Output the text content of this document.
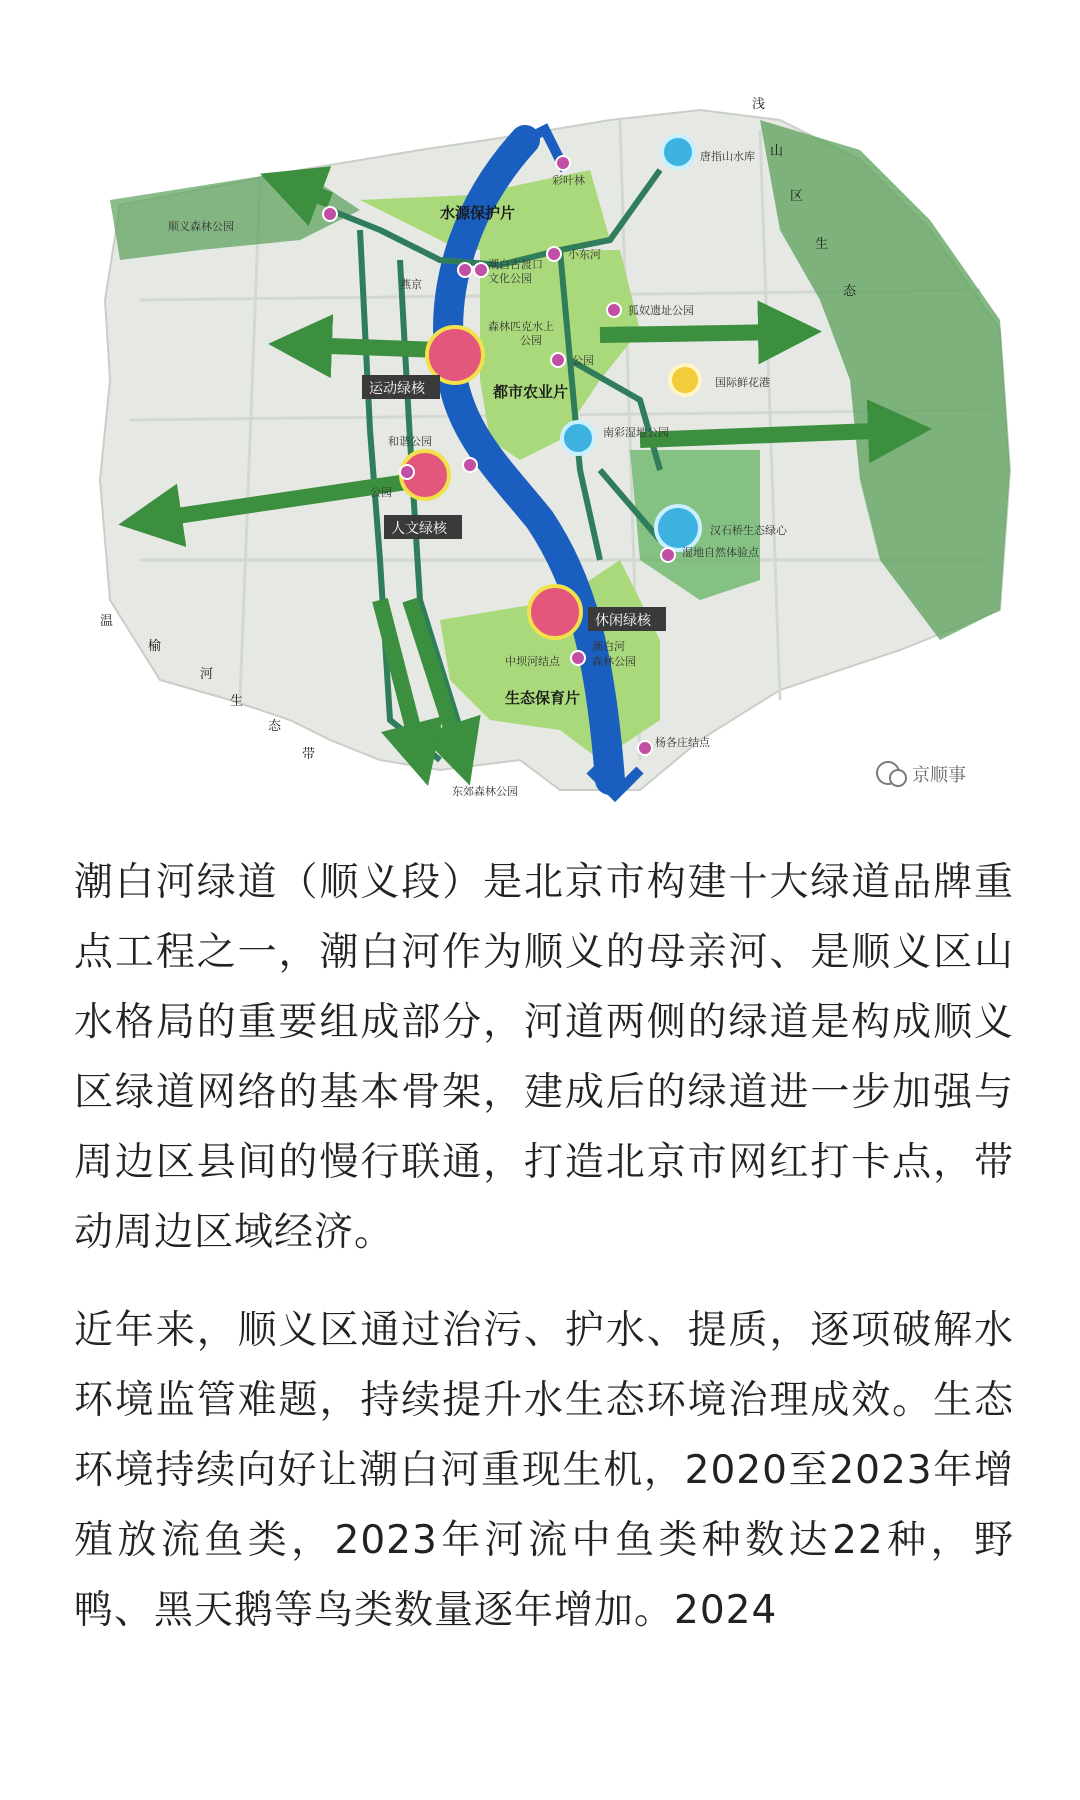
水源保护片
都市农业片
生态保育片
运动绿核
人文绿核
休闲绿核
顺义森林公园
彩叶林
唐指山水库
小东河
潮白古渡口
文化公园
燕京
狐奴遗址公园
森林匹克水上
公园
公园
国际鲜花港
南彩湿地公园
和谐公园
公园
汉石桥生态绿心
湿地自然体验点
中坝河结点
潮白河
森林公园
杨各庄结点
东郊森林公园
浅
山
区
生
态
温
榆
河
生
态
带
京顺事

潮白河绿道（顺义段）是北京市构建十大绿道品牌重点工程之一，潮白河作为顺义的母亲河、是顺义区山水格局的重要组成部分，河道两侧的绿道是构成顺义区绿道网络的基本骨架，建成后的绿道进一步加强与周边区县间的慢行联通，打造北京市网红打卡点，带动周边区域经济。

近年来，顺义区通过治污、护水、提质，逐项破解水环境监管难题，持续提升水生态环境治理成效。生态环境持续向好让潮白河重现生机，2020至2023年增殖放流鱼类，2023年河流中鱼类种数达22种，野鸭、黑天鹅等鸟类数量逐年增加。2024
